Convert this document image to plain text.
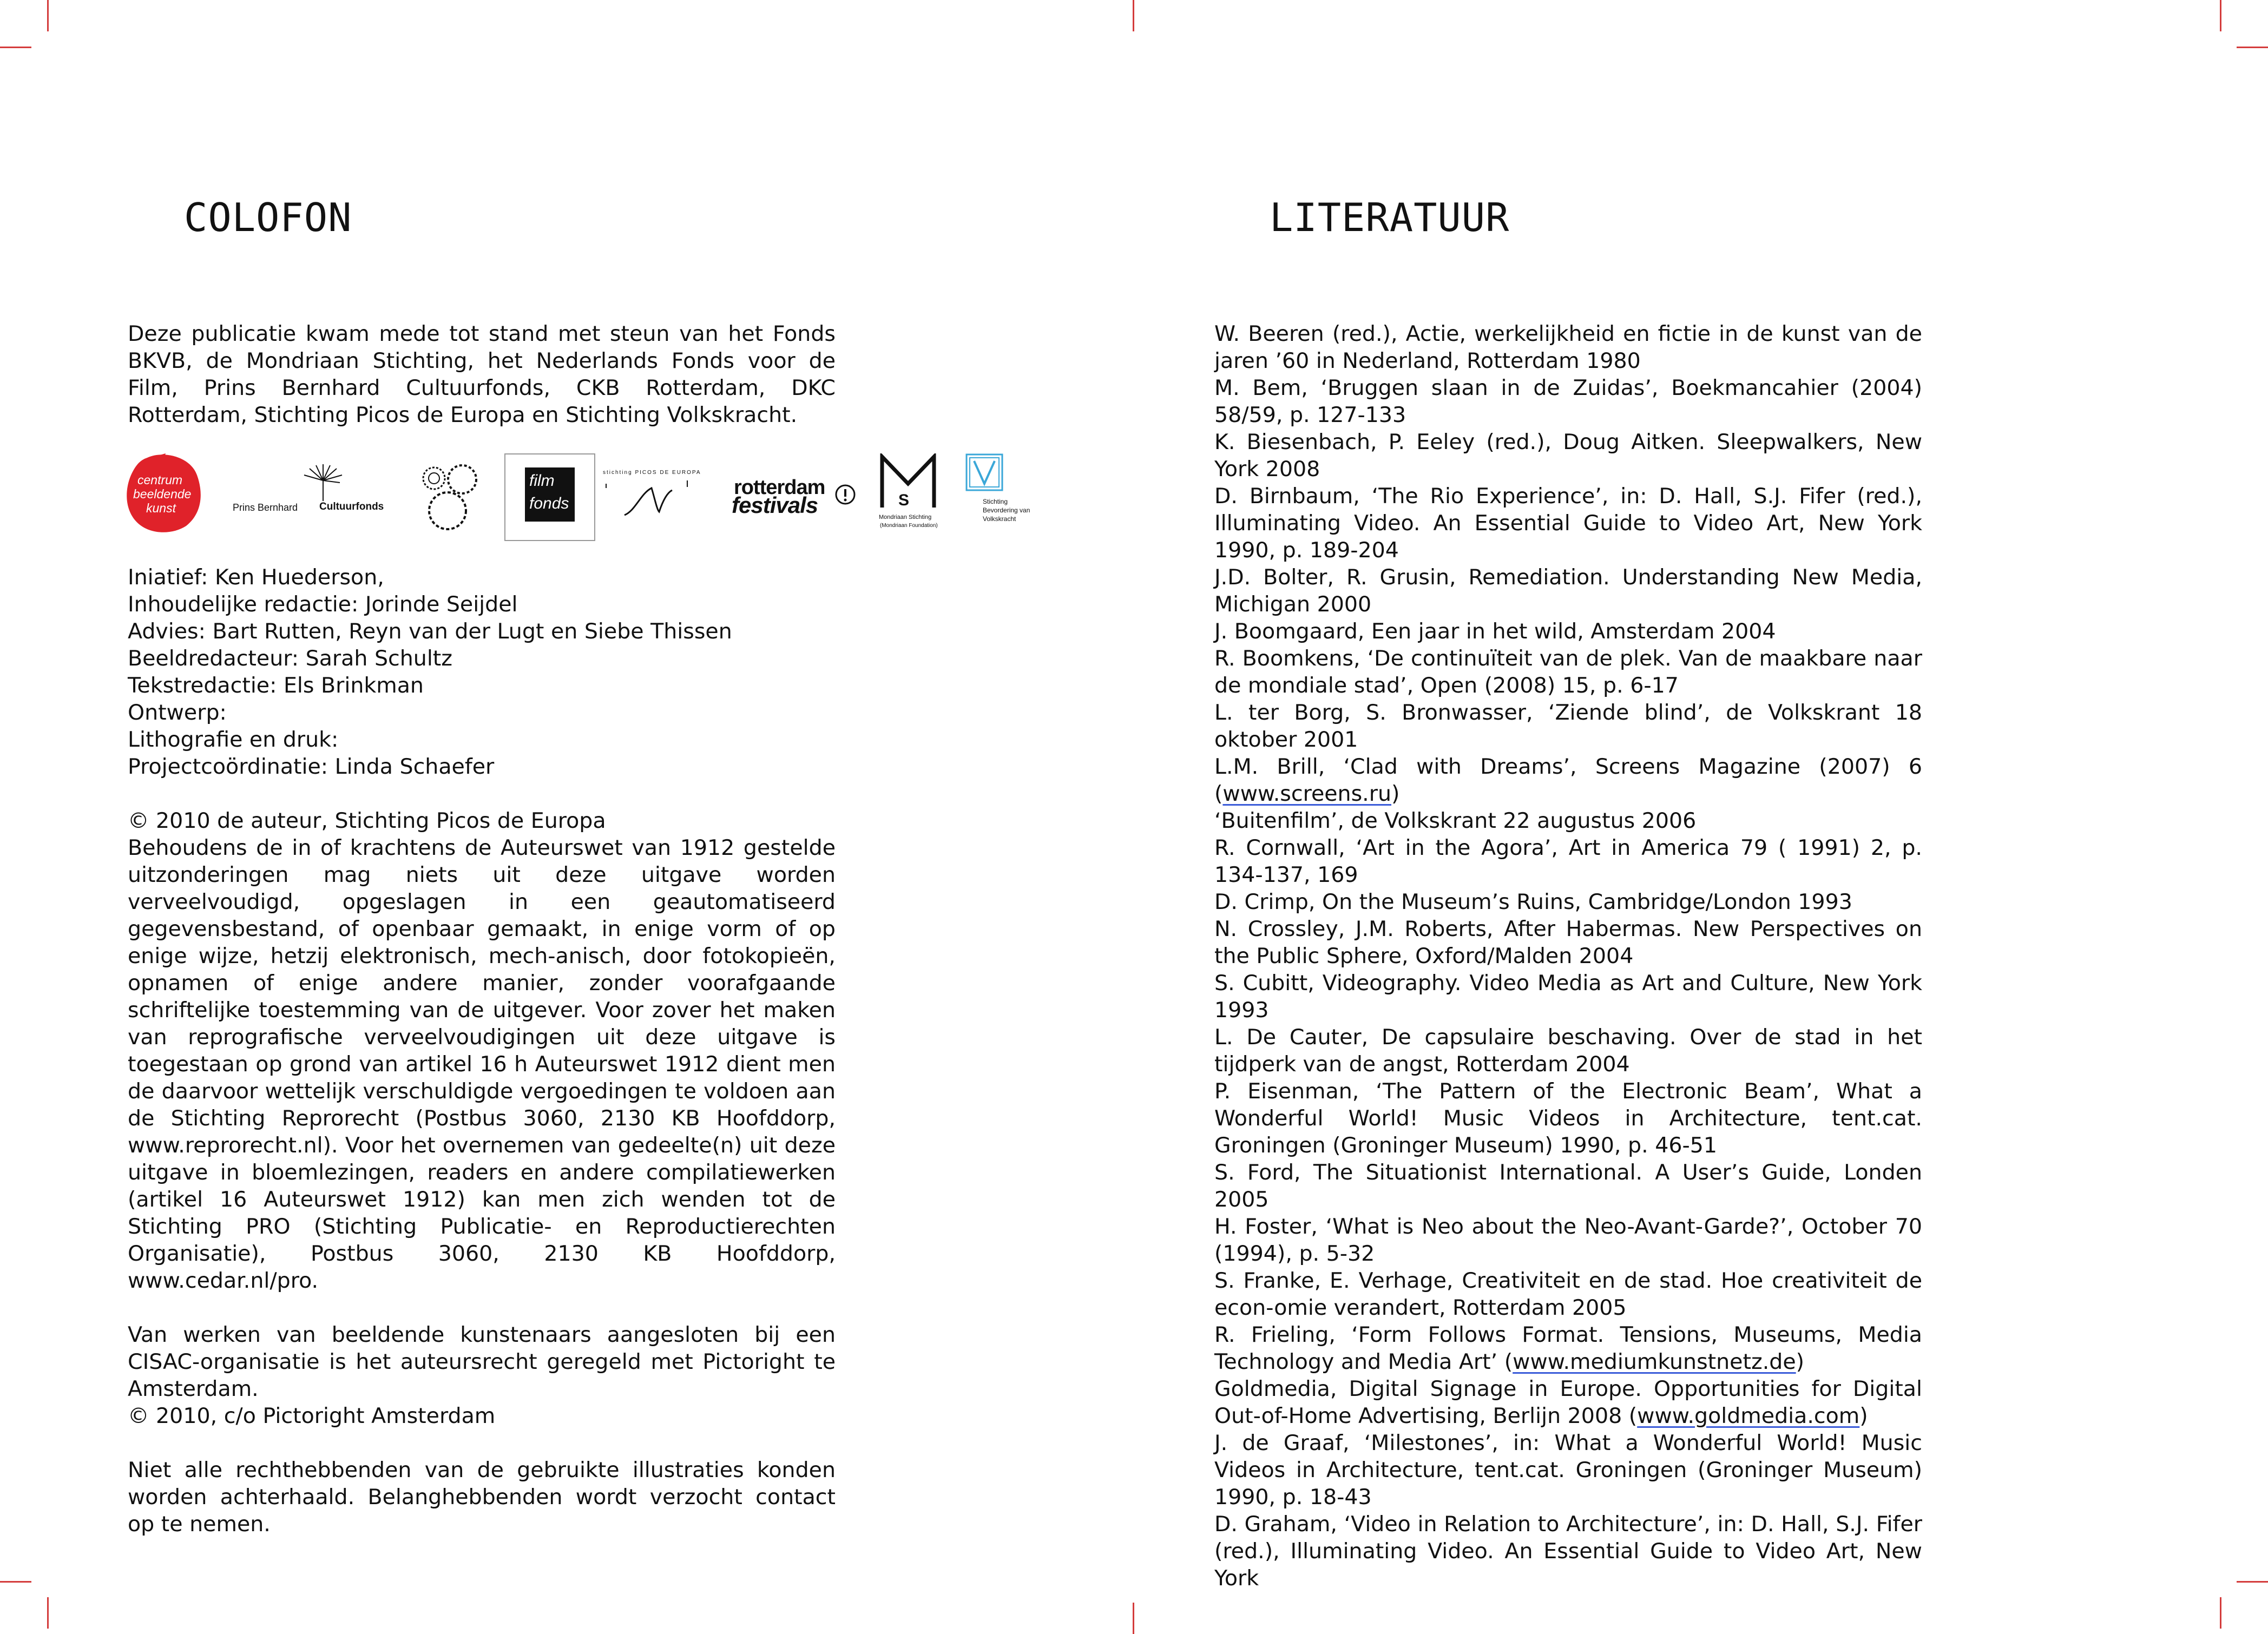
COLOFON

Deze publicatie kwam mede tot stand met steun van het Fonds BKVB, de Mondriaan Stichting, het Nederlands Fonds voor de Film, Prins Bernhard Cultuurfonds, CKB Rotterdam, DKC Rotterdam, Stichting Picos de Europa en Stichting Volkskracht.

centrum
beeldende
kunst	Prins Bernhard Cultuurfonds
film
fonds
stichting PICOS DE EUROPA
rotterdam
festivals	S
Mondriaan Stichting
(Mondriaan Foundation)
Stichting
Bevordering van
Volkskracht

Iniatief: Ken Huederson,

Inhoudelijke redactie: Jorinde Seijdel

Advies: Bart Rutten, Reyn van der Lugt en Siebe Thissen

Beeldredacteur: Sarah Schultz

Tekstredactie: Els Brinkman

Ontwerp:

Lithografie en druk:

Projectcoördinatie: Linda Schaefer

© 2010 de auteur, Stichting Picos de Europa

Behoudens de in of krachtens de Auteurswet van 1912 gestelde uitzonderingen mag niets uit deze uitgave worden verveelvoudigd, opgeslagen in een geautomatiseerd gegevensbestand, of openbaar gemaakt, in enige vorm of op enige wijze, hetzij elektronisch, mech-anisch, door fotokopieën, opnamen of enige andere manier, zonder voorafgaande schriftelijke toestemming van de uitgever. Voor zover het maken van reprografische verveelvoudigingen uit deze uitgave is toegestaan op grond van artikel 16 h Auteurswet 1912 dient men de daarvoor wettelijk verschuldigde vergoedingen te voldoen aan de Stichting Reprorecht (Postbus 3060, 2130 KB Hoofddorp, www.reprorecht.nl). Voor het overnemen van gedeelte(n) uit deze uitgave in bloemlezingen, readers en andere compilatiewerken (artikel 16 Auteurswet 1912) kan men zich wenden tot de Stichting PRO (Stichting Publicatie- en Reproductierechten Organisatie), Postbus 3060, 2130 KB Hoofddorp, www.cedar.nl/pro.

Van werken van beeldende kunstenaars aangesloten bij een CISAC-organisatie is het auteursrecht geregeld met Pictoright te Amsterdam.

© 2010, c/o Pictoright Amsterdam

Niet alle rechthebbenden van de gebruikte illustraties konden worden achterhaald. Belanghebbenden wordt verzocht contact op te nemen.

LITERATUUR

W. Beeren (red.), Actie, werkelijkheid en fictie in de kunst van de jaren ’60 in Nederland, Rotterdam 1980

M. Bem, ‘Bruggen slaan in de Zuidas’, Boekmancahier (2004) 58/59, p. 127-133

K. Biesenbach, P. Eeley (red.), Doug Aitken. Sleepwalkers, New York 2008

D. Birnbaum, ‘The Rio Experience’, in: D. Hall, S.J. Fifer (red.), Illuminating Video. An Essential Guide to Video Art, New York 1990, p. 189-204

J.D. Bolter, R. Grusin, Remediation. Understanding New Media, Michigan 2000

J. Boomgaard, Een jaar in het wild, Amsterdam 2004

R. Boomkens, ‘De continuïteit van de plek. Van de maakbare naar de mondiale stad’, Open (2008) 15, p. 6-17

L. ter Borg, S. Bronwasser, ‘Ziende blind’, de Volkskrant 18 oktober 2001

L.M. Brill, ‘Clad with Dreams’, Screens Magazine (2007) 6 (www.screens.ru)

‘Buitenfilm’, de Volkskrant 22 augustus 2006

R. Cornwall, ‘Art in the Agora’, Art in America 79 ( 1991) 2, p. 134-137, 169

D. Crimp, On the Museum’s Ruins, Cambridge/London 1993

N. Crossley, J.M. Roberts, After Habermas. New Perspectives on the Public Sphere, Oxford/Malden 2004

S. Cubitt, Videography. Video Media as Art and Culture, New York 1993

L. De Cauter, De capsulaire beschaving. Over de stad in het tijdperk van de angst, Rotterdam 2004

P. Eisenman, ‘The Pattern of the Electronic Beam’, What a Wonderful World! Music Videos in Architecture, tent.cat. Groningen (Groninger Museum) 1990, p. 46-51

S. Ford, The Situationist International. A User’s Guide, Londen 2005

H. Foster, ‘What is Neo about the Neo-Avant-Garde?’, October 70 (1994), p. 5-32

S. Franke, E. Verhage, Creativiteit en de stad. Hoe creativiteit de econ-omie verandert, Rotterdam 2005

R. Frieling, ‘Form Follows Format. Tensions, Museums, Media Technology and Media Art’ (www.mediumkunstnetz.de)

Goldmedia, Digital Signage in Europe. Opportunities for Digital Out-of-Home Advertising, Berlijn 2008 (www.goldmedia.com)

J. de Graaf, ‘Milestones’, in: What a Wonderful World! Music Videos in Architecture, tent.cat. Groningen (Groninger Museum) 1990, p. 18-43

D. Graham, ‘Video in Relation to Architecture’, in: D. Hall, S.J. Fifer (red.), Illuminating Video. An Essential Guide to Video Art, New York
